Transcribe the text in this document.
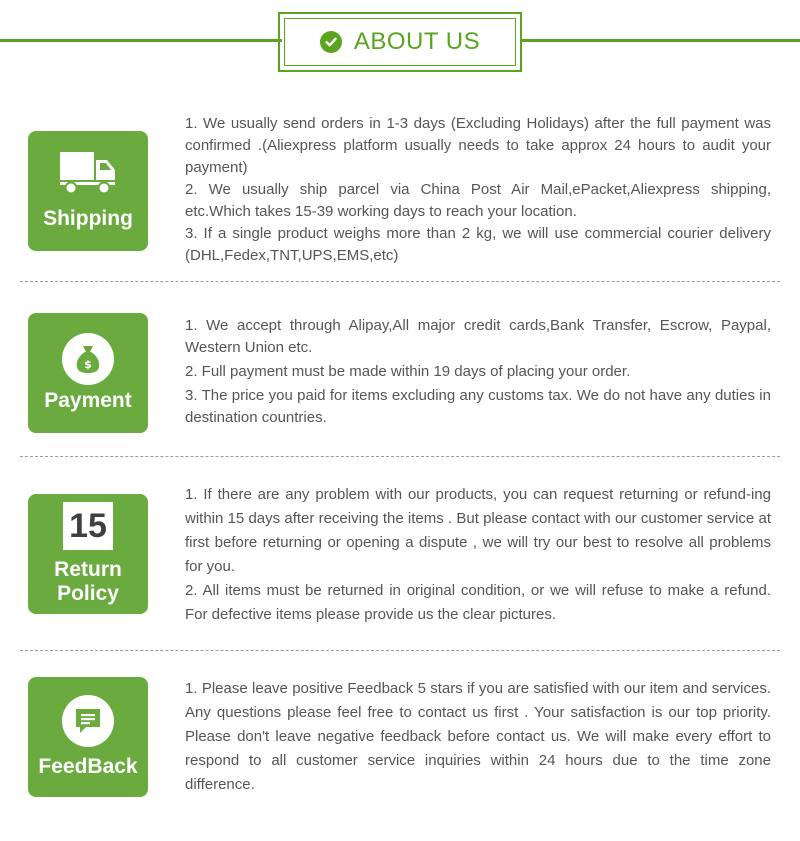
ABOUT US
Shipping

1. We usually send orders in 1-3 days (Excluding Holidays) after the full payment was confirmed .(Aliexpress platform usually needs to take approx 24 hours to audit your payment)

2. We usually ship parcel via China Post Air Mail,ePacket,Aliexpress shipping, etc.Which takes 15-39 working days to reach your location.

3. If a single product weighs more than 2 kg, we will use commercial courier delivery (DHL,Fedex,TNT,UPS,EMS,etc)

$
Payment

1. We accept through Alipay,All major credit cards,Bank Transfer, Escrow, Paypal, Western Union etc.

2. Full payment must be made within 19 days of placing your order.

3. The price you paid for items excluding any customs tax. We do not have any duties in destination countries.

15
Return
Policy

1. If there are any problem with our products, you can request returning or refund-ing within 15 days after receiving the items . But please contact with our customer service at first before returning or opening a dispute , we will try our best to resolve all problems for you.

2. All items must be returned in original condition, or we will refuse to make a refund. For defective items please provide us the clear pictures.

FeedBack

1. Please leave positive Feedback 5 stars if you are satisfied with our item and services. Any questions please feel free to contact us first . Your satisfaction is our top priority. Please don't leave negative feedback before contact us. We will make every effort to respond to all customer service inquiries within 24 hours due to the time zone difference.
